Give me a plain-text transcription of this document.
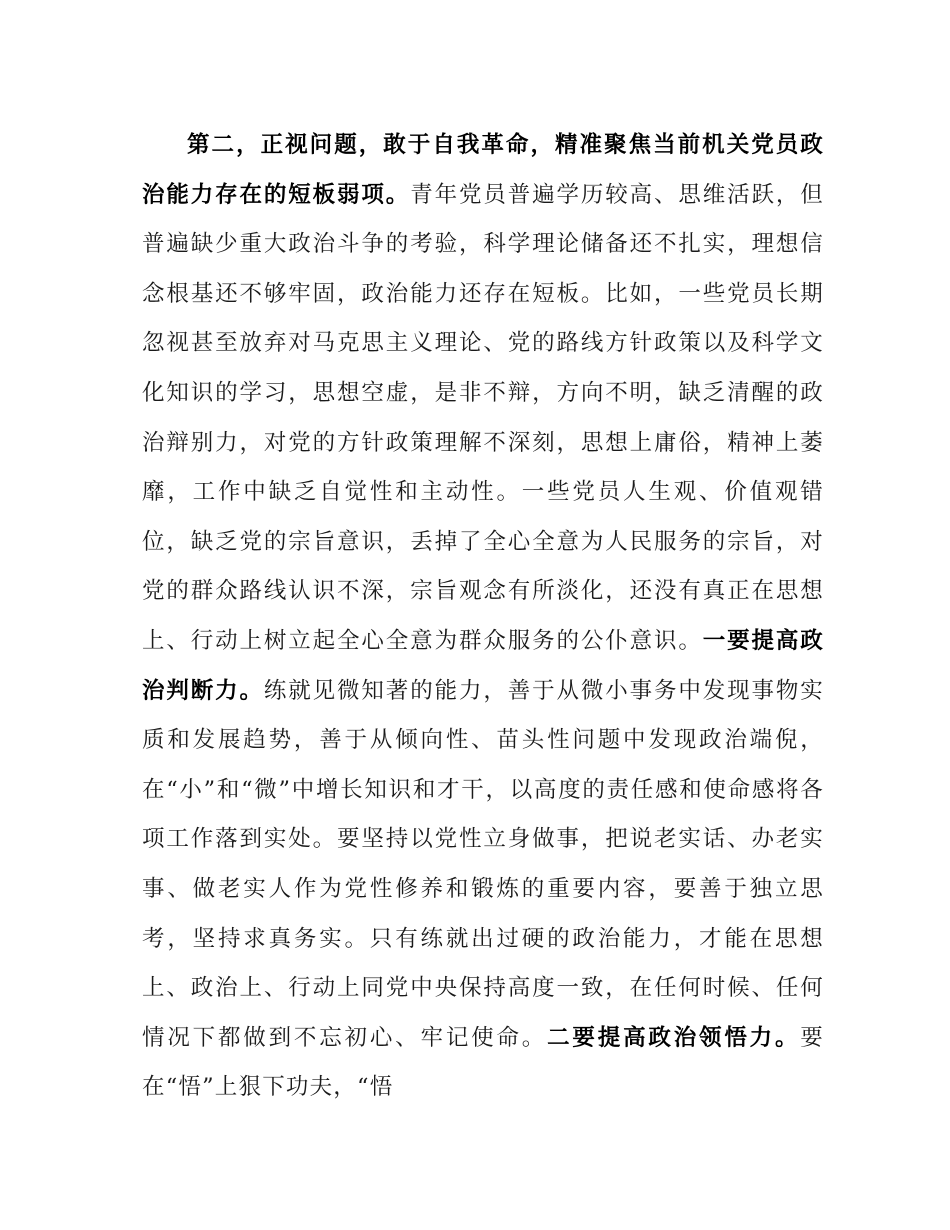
第二，正视问题，敢于自我革命，精准聚焦当前机关党员政治能力存在的短板弱项。青年党员普遍学历较高、思维活跃，但普遍缺少重大政治斗争的考验，科学理论储备还不扎实，理想信念根基还不够牢固，政治能力还存在短板。比如，一些党员长期忽视甚至放弃对马克思主义理论、党的路线方针政策以及科学文化知识的学习，思想空虚，是非不辩，方向不明，缺乏清醒的政治辩别力，对党的方针政策理解不深刻，思想上庸俗，精神上萎靡，工作中缺乏自觉性和主动性。一些党员人生观、价值观错位，缺乏党的宗旨意识，丢掉了全心全意为人民服务的宗旨，对党的群众路线认识不深，宗旨观念有所淡化，还没有真正在思想上、行动上树立起全心全意为群众服务的公仆意识。一要提高政治判断力。练就见微知著的能力，善于从微小事务中发现事物实质和发展趋势，善于从倾向性、苗头性问题中发现政治端倪，在“小”和“微”中增长知识和才干，以高度的责任感和使命感将各项工作落到实处。要坚持以党性立身做事，把说老实话、办老实事、做老实人作为党性修养和锻炼的重要内容，要善于独立思考，坚持求真务实。只有练就出过硬的政治能力，才能在思想上、政治上、行动上同党中央保持高度一致，在任何时候、任何情况下都做到不忘初心、牢记使命。二要提高政治领悟力。要在“悟”上狠下功夫，“悟
